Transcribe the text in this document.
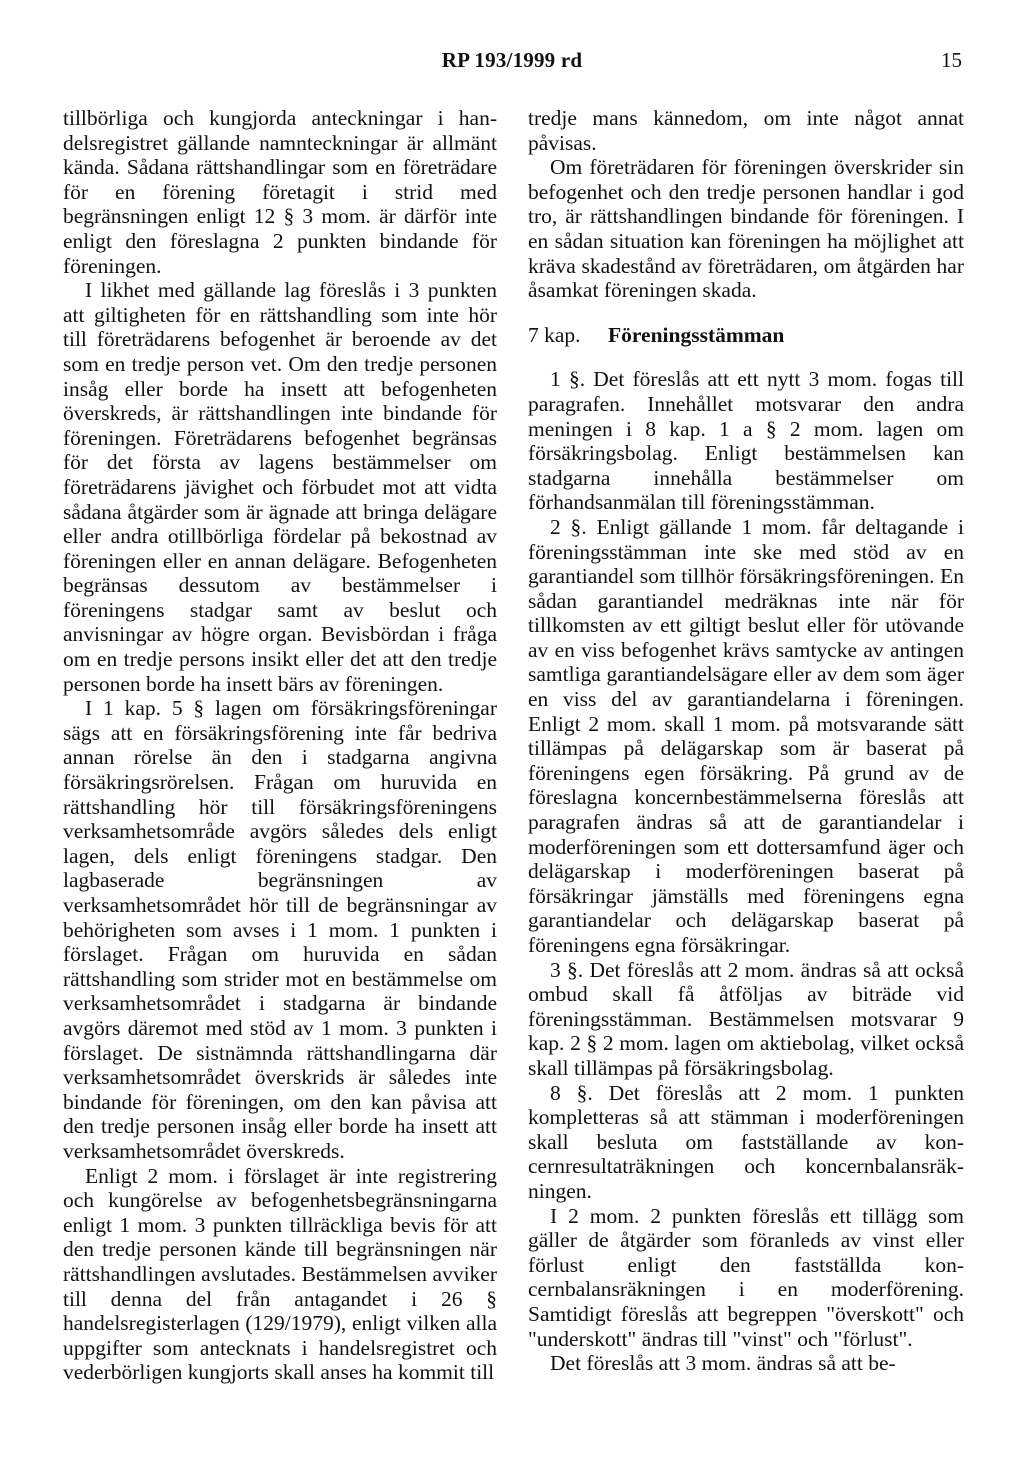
RP 193/1999 rd	15

tillbörliga och kungjorda anteckningar i handelsregistret gällande namnteckningar är allmänt kända. Sådana rättshandlingar som en företrädare för en förening företagit i strid med begränsningen enligt 12 § 3 mom. är därför inte enligt den föreslagna 2 punkten bindande för föreningen.

I likhet med gällande lag föreslås i 3 punkten att giltigheten för en rättshandling som inte hör till företrädarens befogenhet är beroende av det som en tredje person vet. Om den tredje personen insåg eller borde ha insett att befogenheten överskreds, är rättshandlingen inte bindande för föreningen. Företrädarens befogenhet begränsas för det första av lagens bestämmelser om företrädarens jävighet och förbudet mot att vidta sådana åtgärder som är ägnade att bringa delägare eller andra otillbörliga fördelar på bekostnad av föreningen eller en annan delägare. Befogenheten begränsas dessutom av bestämmelser i föreningens stadgar samt av beslut och anvisningar av högre organ. Bevisbördan i fråga om en tredje persons insikt eller det att den tredje personen borde ha insett bärs av föreningen.

I 1 kap. 5 § lagen om försäkringsföreningar sägs att en försäkringsförening inte får bedriva annan rörelse än den i stadgarna angivna försäkringsrörelsen. Frågan om huruvida en rättshandling hör till försäkringsföreningens verksamhetsområde avgörs således dels enligt lagen, dels enligt föreningens stadgar. Den lagbaserade begränsningen av verksamhetsområdet hör till de begränsningar av behörigheten som avses i 1 mom. 1 punkten i förslaget. Frågan om huruvida en sådan rättshandling som strider mot en bestämmelse om verksamhetsområdet i stadgarna är bindande avgörs däremot med stöd av 1 mom. 3 punkten i förslaget. De sistnämnda rättshandlingarna där verksamhetsområdet överskrids är således inte bindande för föreningen, om den kan påvisa att den tredje personen insåg eller borde ha insett att verksamhetsområdet överskreds.

Enligt 2 mom. i förslaget är inte registrering och kungörelse av befogenhetsbegränsningarna enligt 1 mom. 3 punkten tillräckliga bevis för att den tredje personen kände till begränsningen när rättshandlingen avslutades. Bestämmelsen avviker till denna del från antagandet i 26 § handelsregisterlagen (129/1979), enligt vilken alla uppgifter som antecknats i handelsregistret och vederbörligen kungjorts skall anses ha kommit till

tredje mans kännedom, om inte något annat påvisas.

Om företrädaren för föreningen överskrider sin befogenhet och den tredje personen handlar i god tro, är rättshandlingen bindande för föreningen. I en sådan situation kan föreningen ha möjlighet att kräva skadestånd av företrädaren, om åtgärden har åsamkat föreningen skada.

7 kap.	Föreningsstämman

1 §. Det föreslås att ett nytt 3 mom. fogas till paragrafen. Innehållet motsvarar den andra meningen i 8 kap. 1 a § 2 mom. lagen om försäkringsbolag. Enligt bestämmelsen kan stadgarna innehålla bestämmelser om förhandsanmälan till föreningsstämman.

2 §. Enligt gällande 1 mom. får deltagande i föreningsstämman inte ske med stöd av en garantiandel som tillhör försäkringsföreningen. En sådan garantiandel medräknas inte när för tillkomsten av ett giltigt beslut eller för utövande av en viss befogenhet krävs samtycke av antingen samtliga garantiandelsägare eller av dem som äger en viss del av garantiandelarna i föreningen. Enligt 2 mom. skall 1 mom. på motsvarande sätt tillämpas på delägarskap som är baserat på föreningens egen försäkring. På grund av de föreslagna koncernbestämmelserna föreslås att paragrafen ändras så att de garantiandelar i moderföreningen som ett dottersamfund äger och delägarskap i moderföreningen baserat på försäkringar jämställs med föreningens egna garantiandelar och delägarskap baserat på föreningens egna försäkringar.

3 §. Det föreslås att 2 mom. ändras så att också ombud skall få åtföljas av biträde vid föreningsstämman. Bestämmelsen motsvarar 9 kap. 2 § 2 mom. lagen om aktiebolag, vilket också skall tillämpas på försäkringsbolag.

8 §. Det föreslås att 2 mom. 1 punkten kompletteras så att stämman i moderföreningen skall besluta om fastställande av koncernresultaträkningen och koncernbalansräkningen.

I 2 mom. 2 punkten föreslås ett tillägg som gäller de åtgärder som föranleds av vinst eller förlust enligt den fastställda koncernbalansräkningen i en moderförening. Samtidigt föreslås att begreppen "överskott" och "underskott" ändras till "vinst" och "förlust".

Det föreslås att 3 mom. ändras så att be-
